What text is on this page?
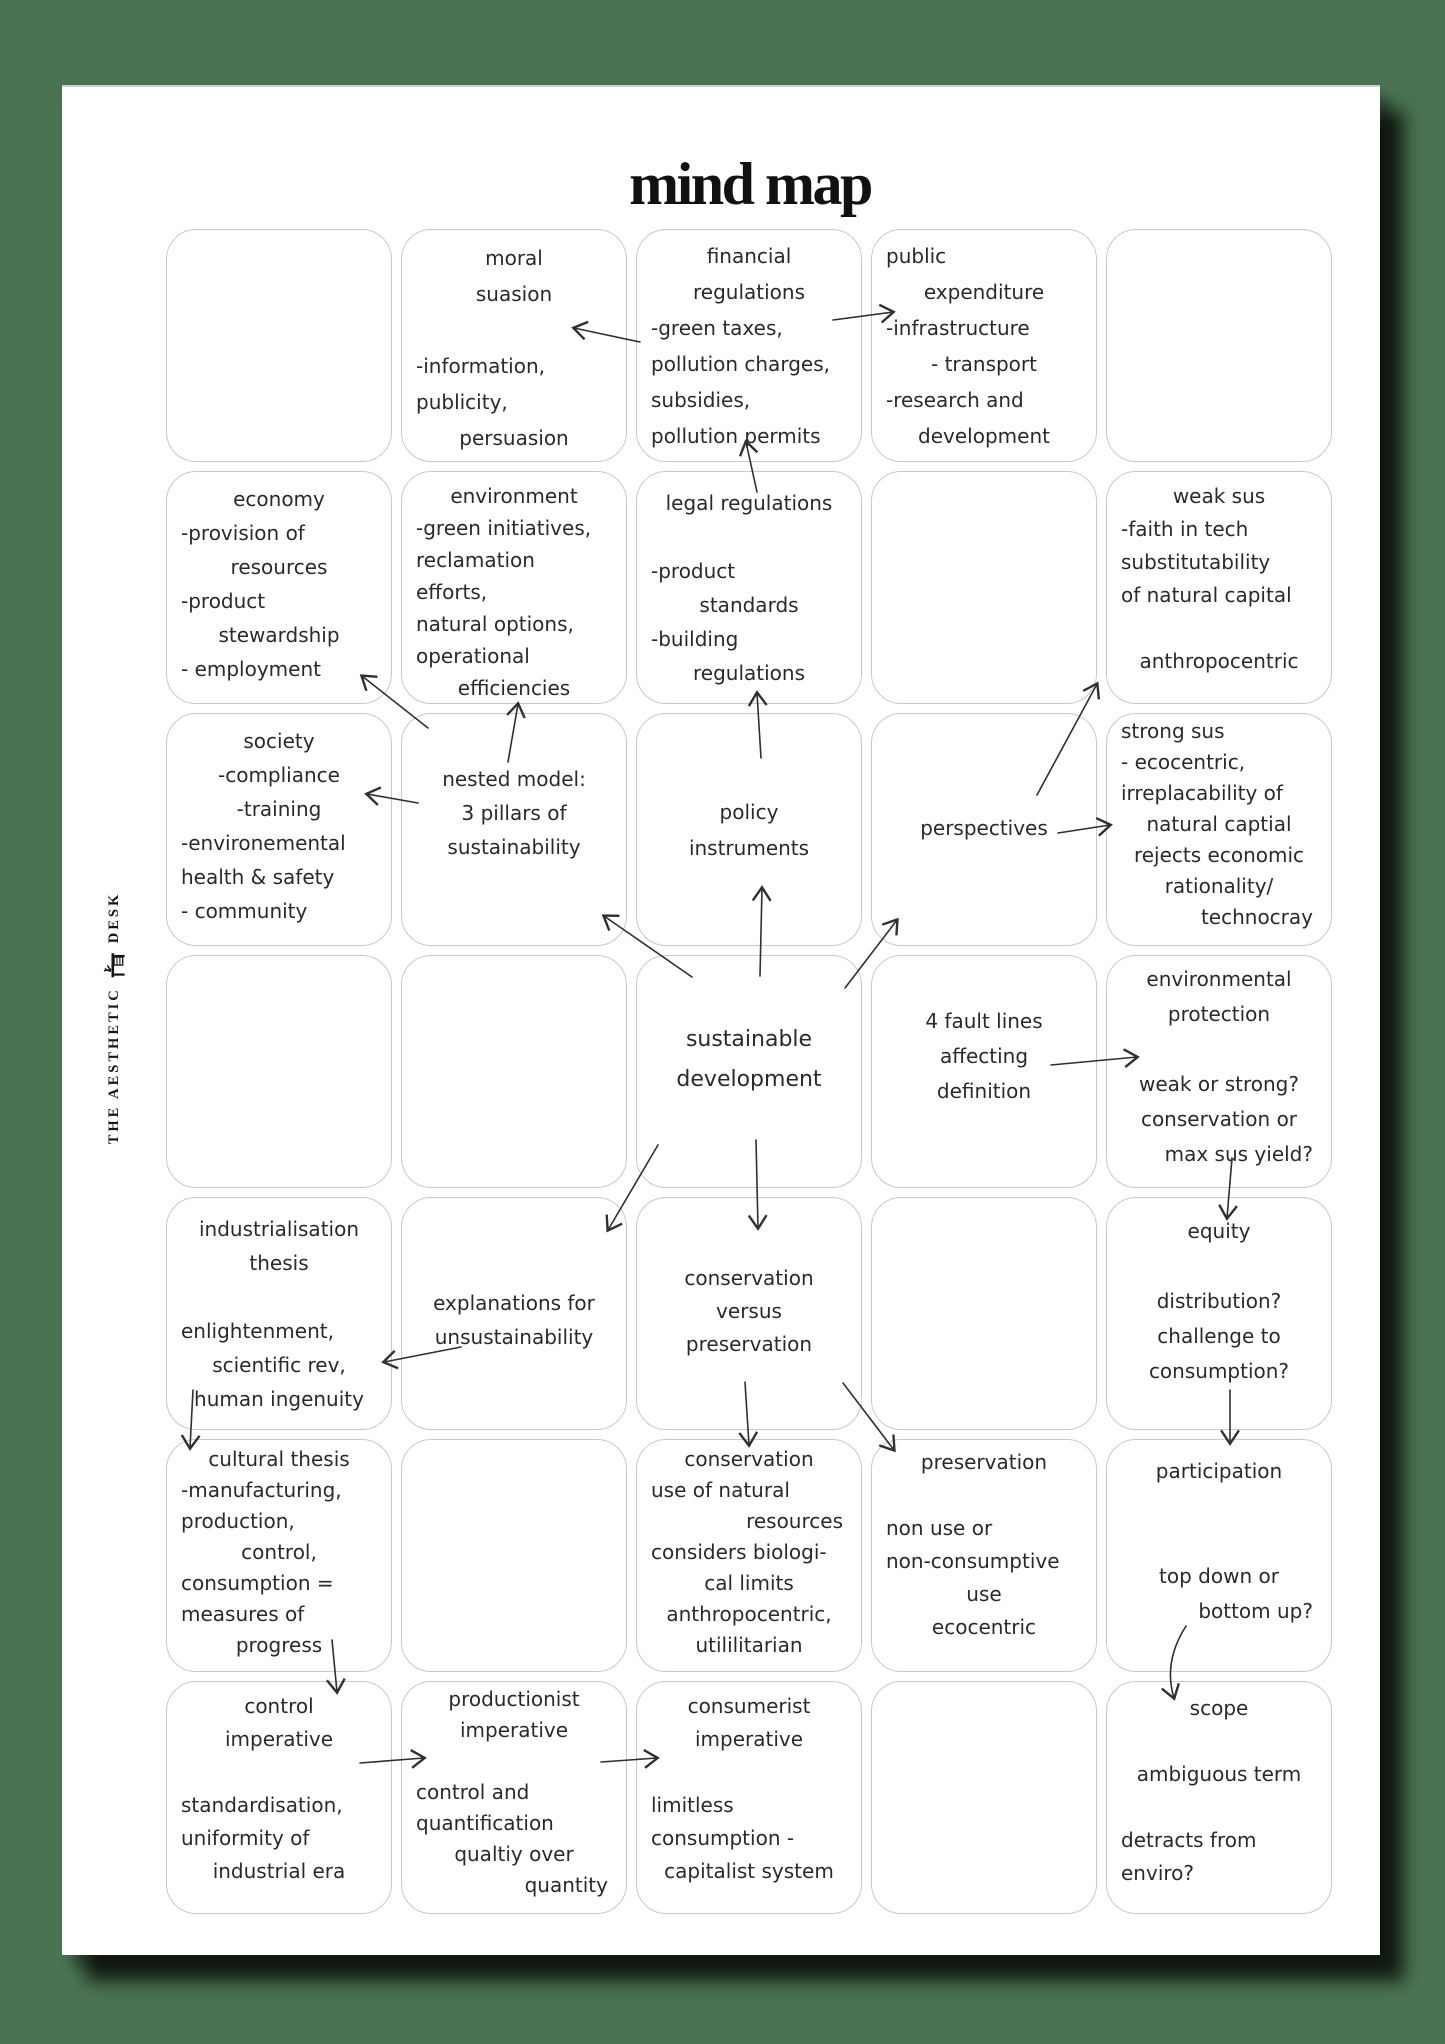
mind map
THE AESTHETIC
DESK
moral
suasion
-information,
publicity,
persuasion
financial
regulations
-green taxes,
pollution charges,
subsidies,
pollution permits
public
expenditure
-infrastructure
- transport
-research and
development
economy
-provision of
resources
-product
stewardship
- employment
environment
-green initiatives,
reclamation
efforts,
natural options,
operational
efficiencies
legal regulations
-product
standards
-building
regulations
weak sus
-faith in tech
substitutability
of natural capital
anthropocentric
society
-compliance
-training
-environemental
health & safety
- community
nested model:
3 pillars of
sustainability
policy
instruments
perspectives
strong sus
- ecocentric,
irreplacability of
natural captial
rejects economic
rationality/
technocray
sustainable
development
4 fault lines
affecting
definition
environmental
protection
weak or strong?
conservation or
max sus yield?
industrialisation
thesis
enlightenment,
scientific rev,
human ingenuity
explanations for
unsustainability
conservation
versus
preservation
equity
distribution?
challenge to
consumption?
cultural thesis
-manufacturing,
production,
control,
consumption =
measures of
progress
conservation
use of natural
resources
considers biologi-
cal limits
anthropocentric,
utililitarian
preservation
non use or
non-consumptive
use
ecocentric
participation
top down or
bottom up?
control
imperative
standardisation,
uniformity of
industrial era
productionist
imperative
control and
quantification
qualtiy over
quantity
consumerist
imperative
limitless
consumption -
capitalist system
scope
ambiguous term
detracts from
enviro?
